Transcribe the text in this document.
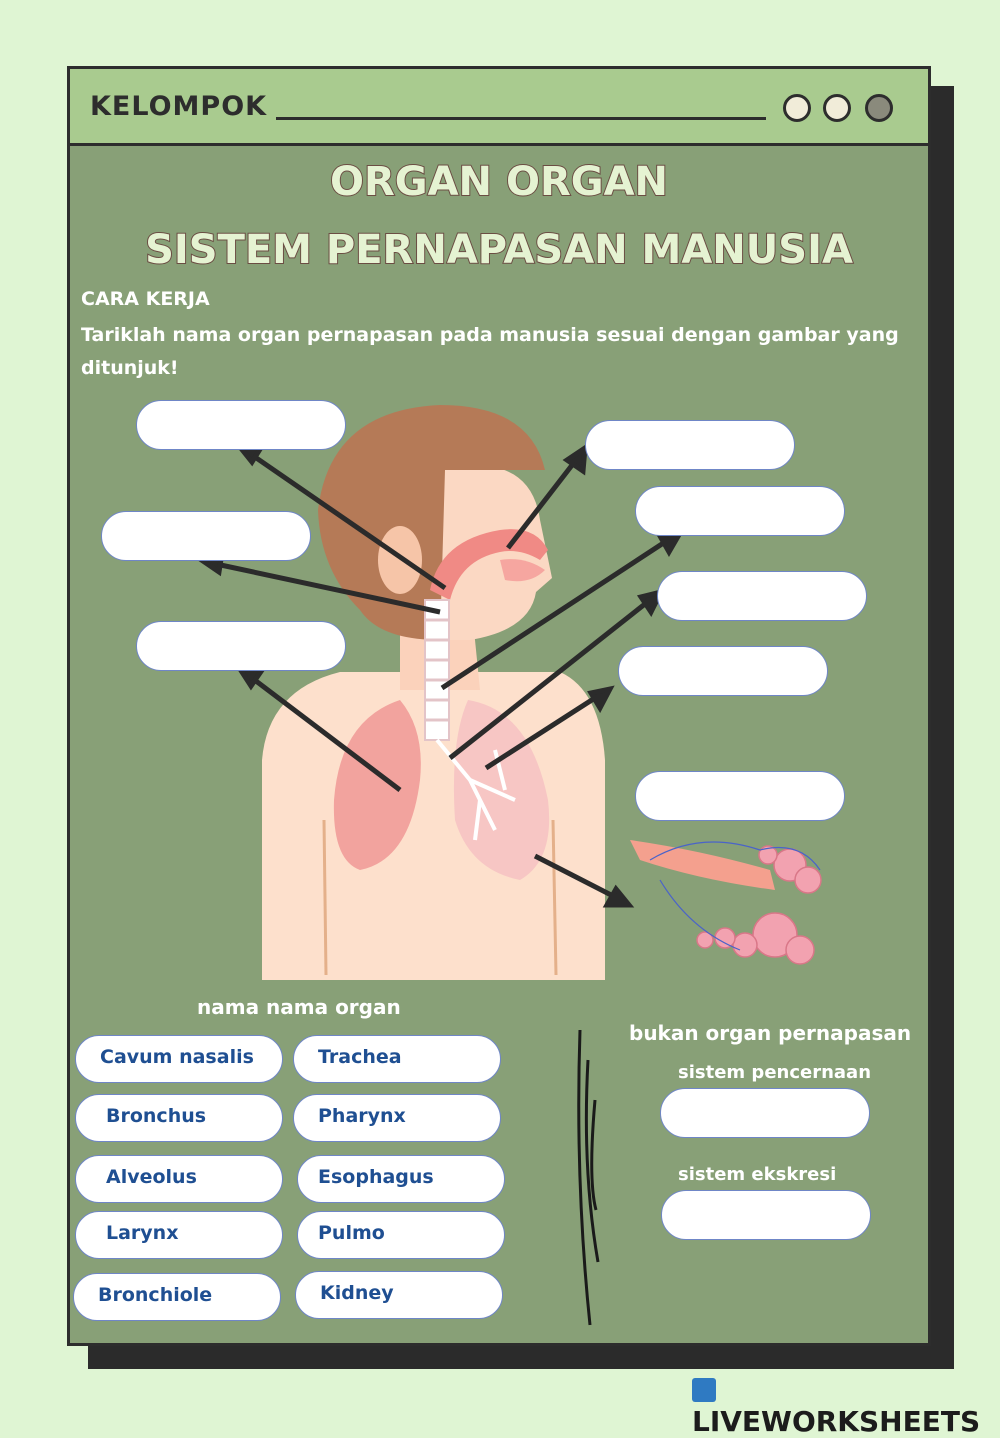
KELOMPOK
ORGAN ORGAN
SISTEM PERNAPASAN MANUSIA
CARA KERJA
Tariklah nama organ pernapasan pada manusia sesuai dengan gambar yang ditunjuk!
nama nama organ
Cavum nasalis	Trachea
Bronchus	Pharynx
Alveolus	Esophagus
Larynx	Pulmo
Bronchiole	Kidney
bukan organ pernapasan
sistem pencernaan
sistem ekskresi
LIVEWORKSHEETS
